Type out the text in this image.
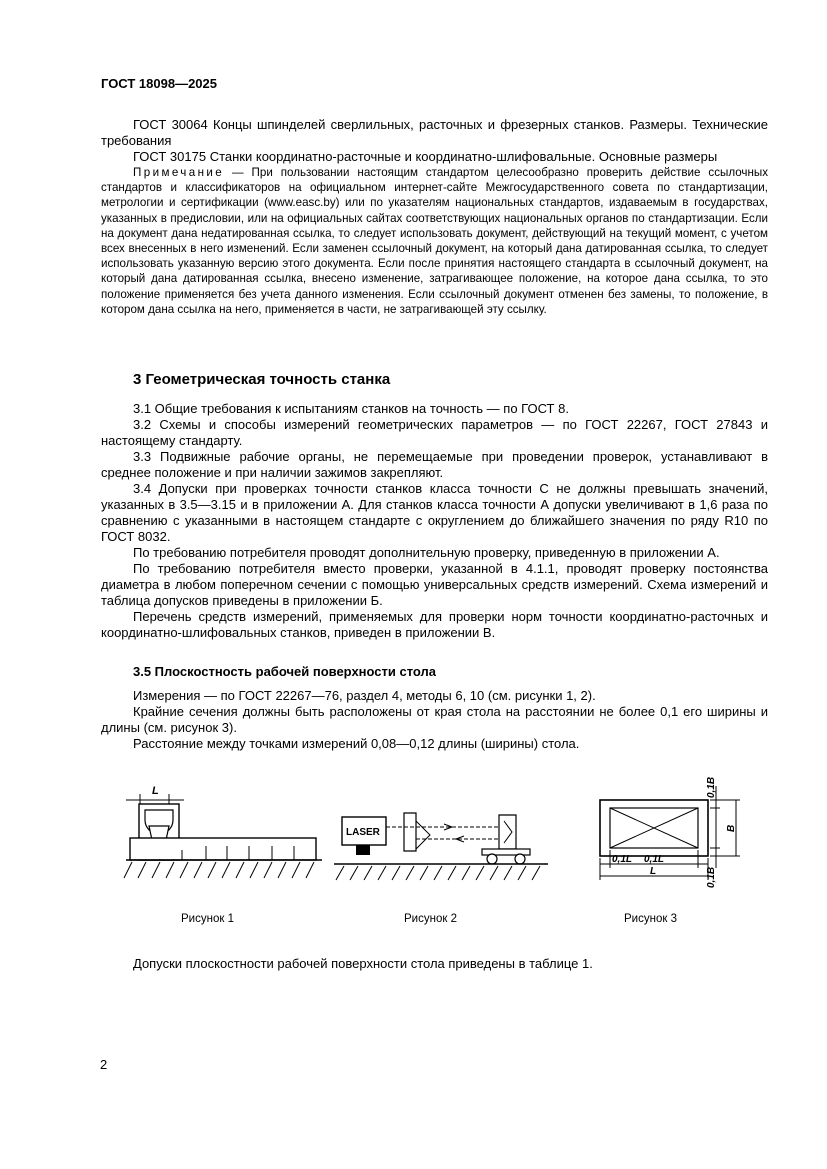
ГОСТ 18098—2025

ГОСТ 30064 Концы шпинделей сверлильных, расточных и фрезерных станков. Размеры. Технические требования

ГОСТ 30175 Станки координатно-расточные и координатно-шлифовальные. Основные размеры

Примечание — При пользовании настоящим стандартом целесообразно проверить действие ссылочных стандартов и классификаторов на официальном интернет-сайте Межгосударственного совета по стандартизации, метрологии и сертификации (www.easc.by) или по указателям национальных стандартов, издаваемым в государствах, указанных в предисловии, или на официальных сайтах соответствующих национальных органов по стандартизации. Если на документ дана недатированная ссылка, то следует использовать документ, действующий на текущий момент, с учетом всех внесенных в него изменений. Если заменен ссылочный документ, на который дана датированная ссылка, то следует использовать указанную версию этого документа. Если после принятия настоящего стандарта в ссылочный документ, на который дана датированная ссылка, внесено изменение, затрагивающее положение, на которое дана ссылка, то это положение применяется без учета данного изменения. Если ссылочный документ отменен без замены, то положение, в котором дана ссылка на него, применяется в части, не затрагивающей эту ссылку.

3 Геометрическая точность станка

3.1 Общие требования к испытаниям станков на точность — по ГОСТ 8.

3.2 Схемы и способы измерений геометрических параметров — по ГОСТ 22267, ГОСТ 27843 и настоящему стандарту.

3.3 Подвижные рабочие органы, не перемещаемые при проведении проверок, устанавливают в среднее положение и при наличии зажимов закрепляют.

3.4 Допуски при проверках точности станков класса точности С не должны превышать значений, указанных в 3.5—3.15 и в приложении А. Для станков класса точности А допуски увеличивают в 1,6 раза по сравнению с указанными в настоящем стандарте с округлением до ближайшего значения по ряду R10 по ГОСТ 8032.

По требованию потребителя проводят дополнительную проверку, приведенную в приложении А.

По требованию потребителя вместо проверки, указанной в 4.1.1, проводят проверку постоянства диаметра в любом поперечном сечении с помощью универсальных средств измерений. Схема измерений и таблица допусков приведены в приложении Б.

Перечень средств измерений, применяемых для проверки норм точности координатно-расточных и координатно-шлифовальных станков, приведен в приложении В.

3.5 Плоскостность рабочей поверхности стола

Измерения — по ГОСТ 22267—76, раздел 4, методы 6, 10 (см. рисунки 1, 2).

Крайние сечения должны быть расположены от края стола на расстоянии не более 0,1 его ширины и длины (см. рисунок 3).

Расстояние между точками измерений 0,08—0,12 длины (ширины) стола.

L
Рисунок 1
LASER
Рисунок 2
0,1B
B
0,1B
0,1L 0,1L
L
Рисунок 3

Допуски плоскостности рабочей поверхности стола приведены в таблице 1.

2
